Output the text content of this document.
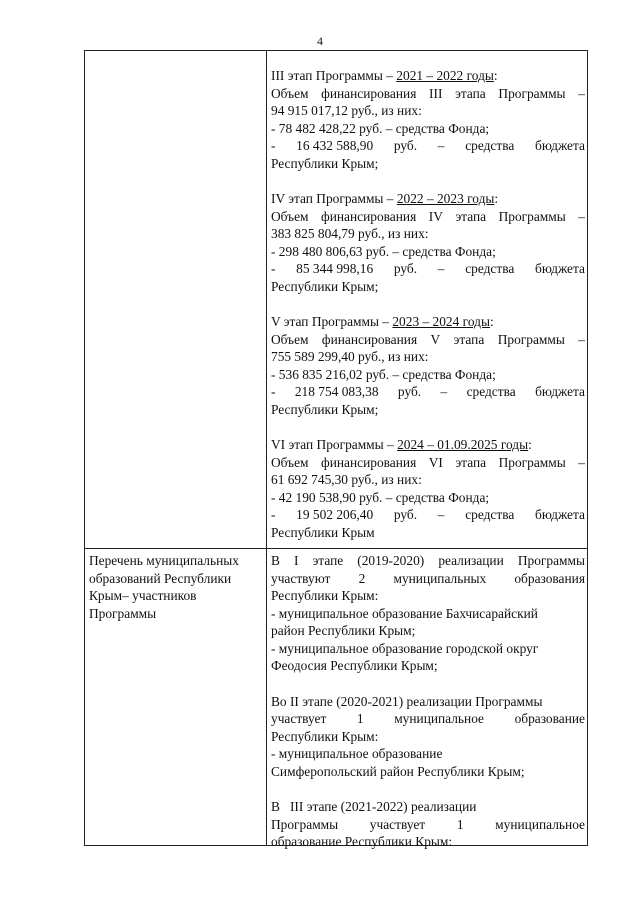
4
III этап Программы – 2021 – 2022 годы:
Объем финансирования III этапа Программы –
94 915 017,12 руб., из них:
- 78 482 428,22 руб. – средства Фонда;
- 16 432 588,90 руб. – средства бюджета
Республики Крым;
IV этап Программы – 2022 – 2023 годы:
Объем финансирования IV этапа Программы –
383 825 804,79 руб., из них:
- 298 480 806,63 руб. – средства Фонда;
- 85 344 998,16 руб. – средства бюджета
Республики Крым;
V этап Программы – 2023 – 2024 годы:
Объем финансирования V этапа Программы –
755 589 299,40 руб., из них:
- 536 835 216,02 руб. – средства Фонда;
- 218 754 083,38 руб. – средства бюджета
Республики Крым;
VI этап Программы – 2024 – 01.09.2025 годы:
Объем финансирования VI этапа Программы –
61 692 745,30 руб., из них:
- 42 190 538,90 руб. – средства Фонда;
- 19 502 206,40 руб. – средства бюджета
Республики Крым
Перечень муниципальных
образований Республики
Крым– участников
Программы
В I этапе (2019-2020) реализации Программы
участвуют 2 муниципальных образования
Республики Крым:
- муниципальное образование Бахчисарайский
район Республики Крым;
- муниципальное образование городской округ
Феодосия Республики Крым;
Во II этапе (2020-2021) реализации Программы
участвует 1 муниципальное образование
Республики Крым:
- муниципальное образование
Симферопольский район Республики Крым;
В   III этапе (2021-2022) реализации
Программы участвует 1 муниципальное
образование Республики Крым:
